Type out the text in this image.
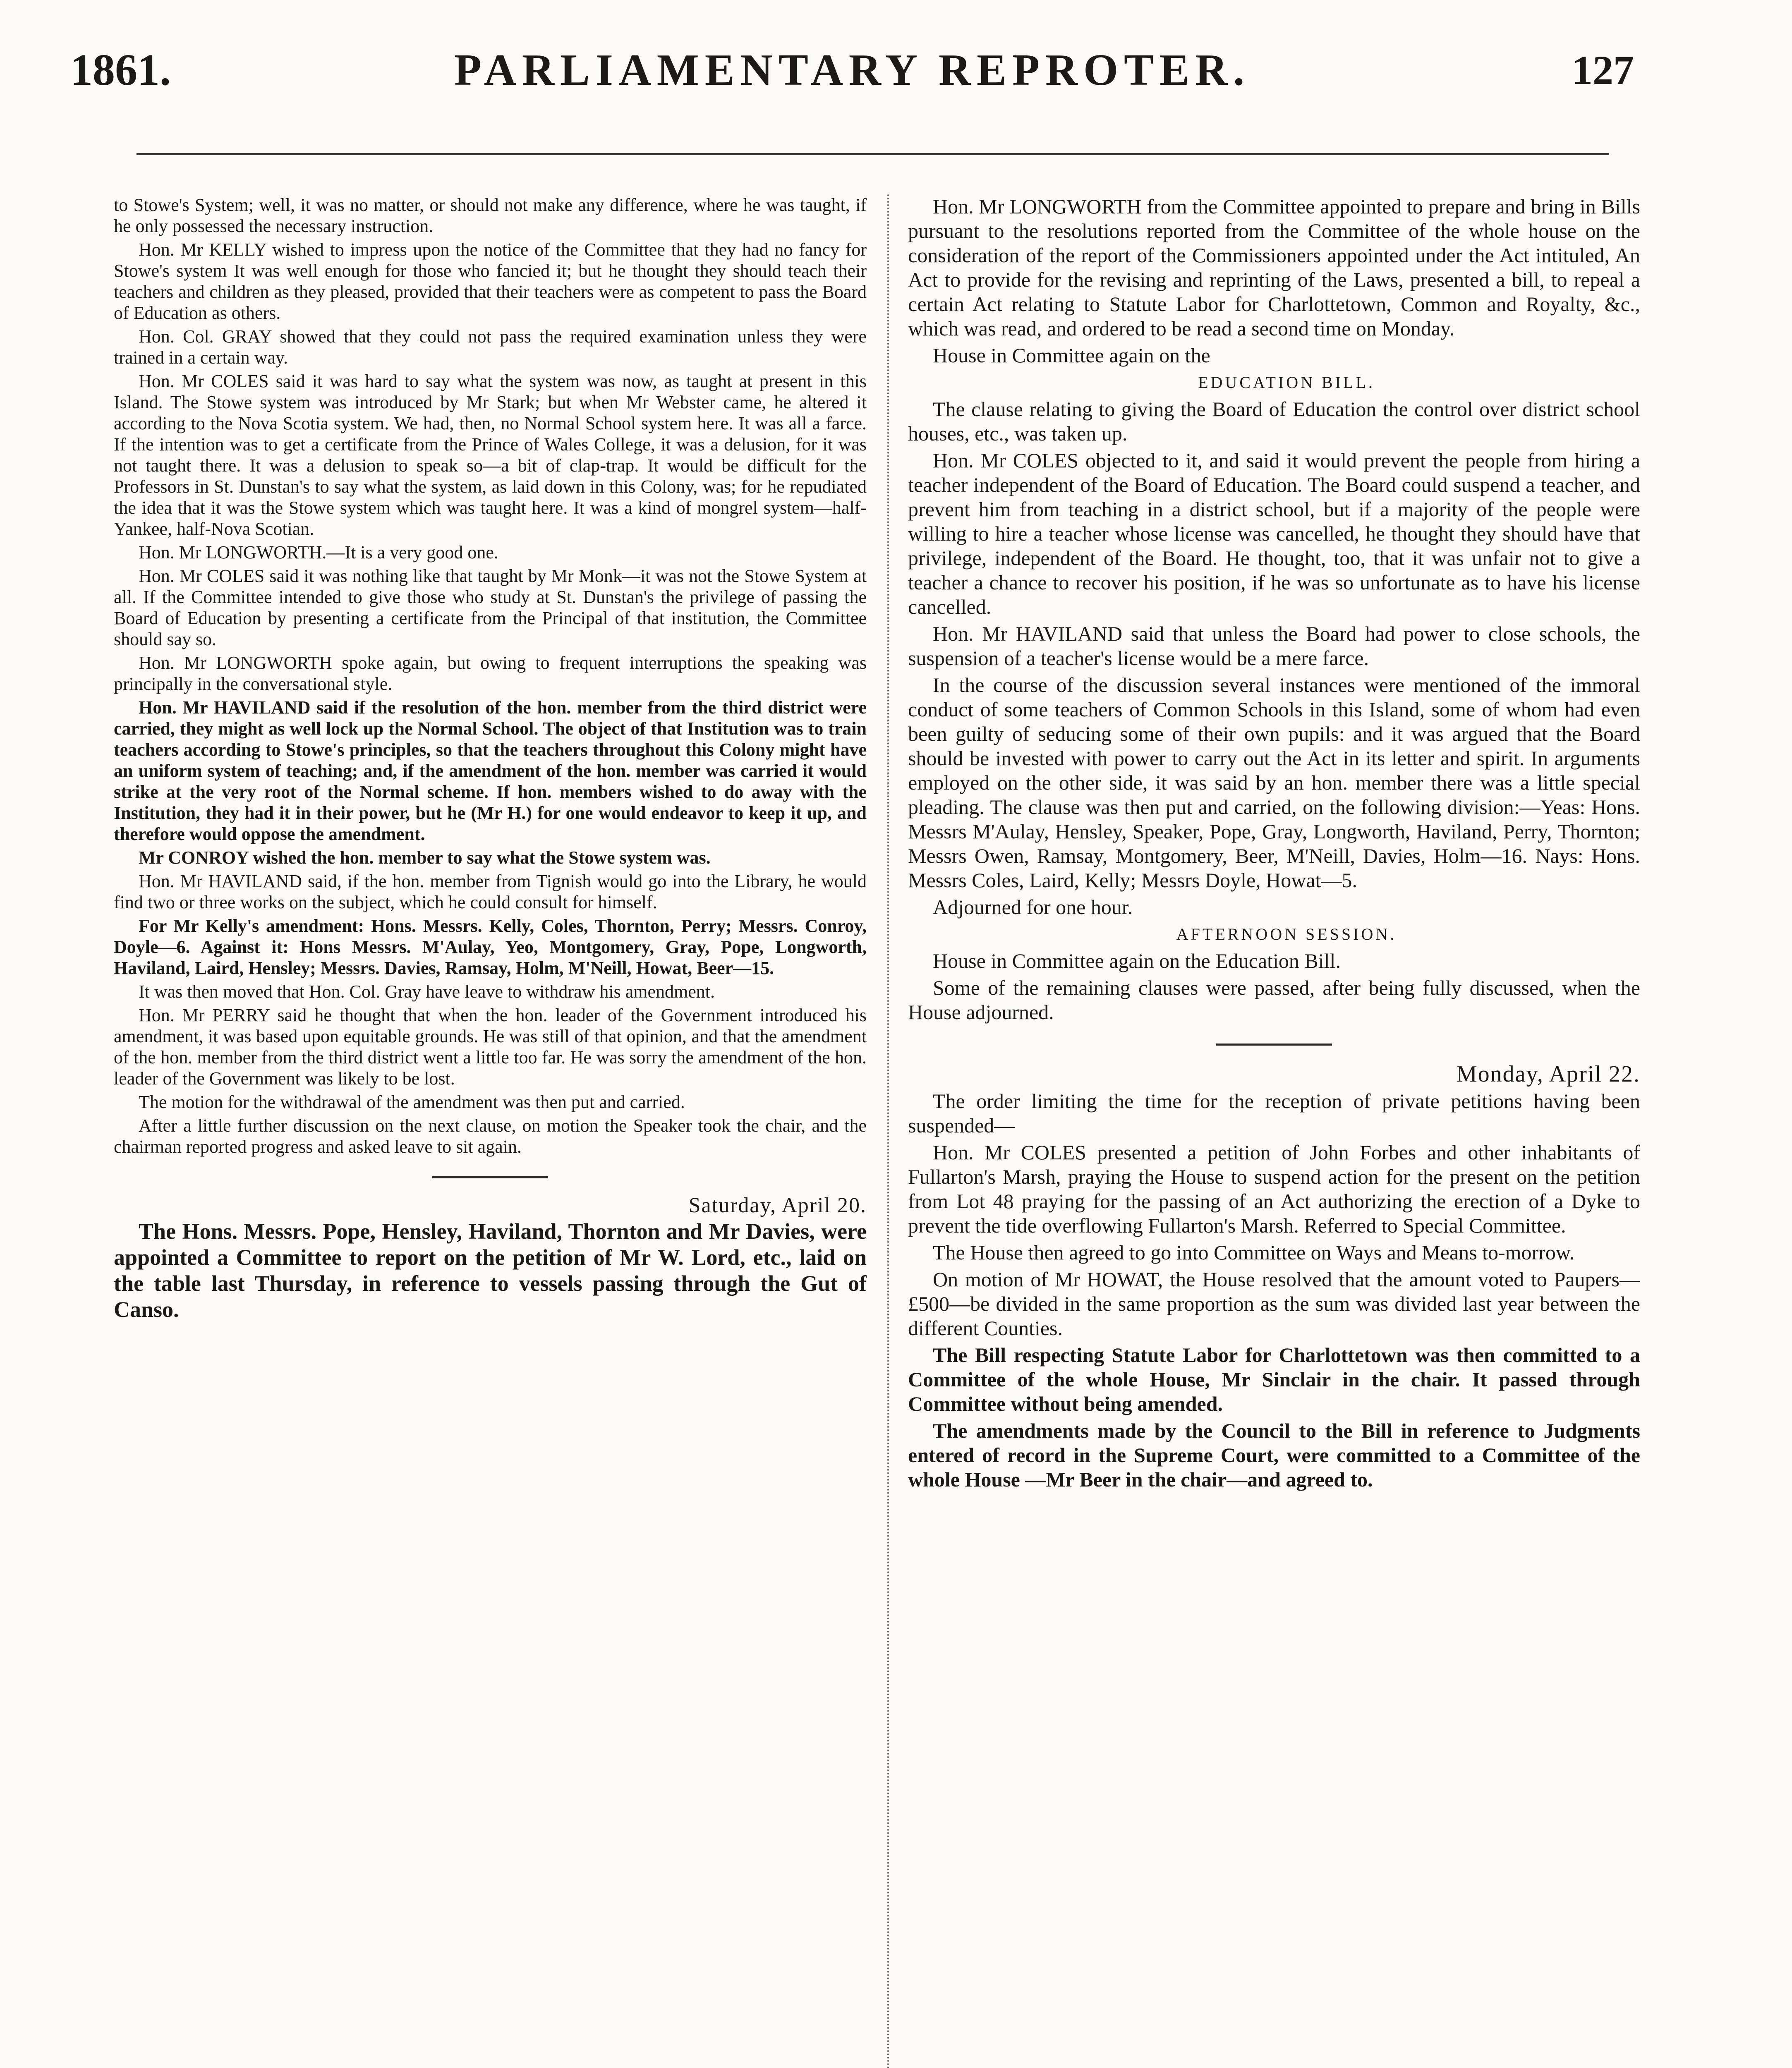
1861.	PARLIAMENTARY REPROTER.	127

to Stowe's System; well, it was no matter, or should not make any difference, where he was taught, if he only possessed the necessary instruction.

Hon. Mr KELLY wished to impress upon the notice of the Committee that they had no fancy for Stowe's system It was well enough for those who fancied it; but he thought they should teach their teachers and children as they pleased, provided that their teachers were as competent to pass the Board of Education as others.

Hon. Col. GRAY showed that they could not pass the required examination unless they were trained in a certain way.

Hon. Mr COLES said it was hard to say what the system was now, as taught at present in this Island. The Stowe system was introduced by Mr Stark; but when Mr Webster came, he altered it according to the Nova Scotia system. We had, then, no Normal School system here. It was all a farce. If the intention was to get a certificate from the Prince of Wales College, it was a delusion, for it was not taught there. It was a delusion to speak so—a bit of clap-trap. It would be difficult for the Professors in St. Dunstan's to say what the system, as laid down in this Colony, was; for he repudiated the idea that it was the Stowe system which was taught here. It was a kind of mongrel system—half-Yankee, half-Nova Scotian.

Hon. Mr LONGWORTH.—It is a very good one.

Hon. Mr COLES said it was nothing like that taught by Mr Monk—it was not the Stowe System at all. If the Committee intended to give those who study at St. Dunstan's the privilege of passing the Board of Education by presenting a certificate from the Principal of that institution, the Committee should say so.

Hon. Mr LONGWORTH spoke again, but owing to frequent interruptions the speaking was principally in the conversational style.

Hon. Mr HAVILAND said if the resolution of the hon. member from the third district were carried, they might as well lock up the Normal School. The object of that Institution was to train teachers according to Stowe's principles, so that the teachers throughout this Colony might have an uniform system of teaching; and, if the amendment of the hon. member was carried it would strike at the very root of the Normal scheme. If hon. members wished to do away with the Institution, they had it in their power, but he (Mr H.) for one would endeavor to keep it up, and therefore would oppose the amendment.

Mr CONROY wished the hon. member to say what the Stowe system was.

Hon. Mr HAVILAND said, if the hon. member from Tignish would go into the Library, he would find two or three works on the subject, which he could consult for himself.

For Mr Kelly's amendment: Hons. Messrs. Kelly, Coles, Thornton, Perry; Messrs. Conroy, Doyle—6. Against it: Hons Messrs. M'Aulay, Yeo, Montgomery, Gray, Pope, Longworth, Haviland, Laird, Hensley; Messrs. Davies, Ramsay, Holm, M'Neill, Howat, Beer—15.

It was then moved that Hon. Col. Gray have leave to withdraw his amendment.

Hon. Mr PERRY said he thought that when the hon. leader of the Government introduced his amendment, it was based upon equitable grounds. He was still of that opinion, and that the amendment of the hon. member from the third district went a little too far. He was sorry the amendment of the hon. leader of the Government was likely to be lost.

The motion for the withdrawal of the amendment was then put and carried.

After a little further discussion on the next clause, on motion the Speaker took the chair, and the chairman reported progress and asked leave to sit again.

Saturday, April 20.

The Hons. Messrs. Pope, Hensley, Haviland, Thornton and Mr Davies, were appointed a Committee to report on the petition of Mr W. Lord, etc., laid on the table last Thursday, in reference to vessels passing through the Gut of Canso.

Hon. Mr LONGWORTH from the Committee appointed to prepare and bring in Bills pursuant to the resolutions reported from the Committee of the whole house on the consideration of the report of the Commissioners appointed under the Act intituled, An Act to provide for the revising and reprinting of the Laws, presented a bill, to repeal a certain Act relating to Statute Labor for Charlottetown, Common and Royalty, &c., which was read, and ordered to be read a second time on Monday.

House in Committee again on the

EDUCATION BILL.

The clause relating to giving the Board of Education the control over district school houses, etc., was taken up.

Hon. Mr COLES objected to it, and said it would prevent the people from hiring a teacher independent of the Board of Education. The Board could suspend a teacher, and prevent him from teaching in a district school, but if a majority of the people were willing to hire a teacher whose license was cancelled, he thought they should have that privilege, independent of the Board. He thought, too, that it was unfair not to give a teacher a chance to recover his position, if he was so unfortunate as to have his license cancelled.

Hon. Mr HAVILAND said that unless the Board had power to close schools, the suspension of a teacher's license would be a mere farce.

In the course of the discussion several instances were mentioned of the immoral conduct of some teachers of Common Schools in this Island, some of whom had even been guilty of seducing some of their own pupils: and it was argued that the Board should be invested with power to carry out the Act in its letter and spirit. In arguments employed on the other side, it was said by an hon. member there was a little special pleading. The clause was then put and carried, on the following division:—Yeas: Hons. Messrs M'Aulay, Hensley, Speaker, Pope, Gray, Longworth, Haviland, Perry, Thornton; Messrs Owen, Ramsay, Montgomery, Beer, M'Neill, Davies, Holm—16. Nays: Hons. Messrs Coles, Laird, Kelly; Messrs Doyle, Howat—5.

Adjourned for one hour.

AFTERNOON SESSION.

House in Committee again on the Education Bill.

Some of the remaining clauses were passed, after being fully discussed, when the House adjourned.

Monday, April 22.

The order limiting the time for the reception of private petitions having been suspended—

Hon. Mr COLES presented a petition of John Forbes and other inhabitants of Fullarton's Marsh, praying the House to suspend action for the present on the petition from Lot 48 praying for the passing of an Act authorizing the erection of a Dyke to prevent the tide overflowing Fullarton's Marsh. Referred to Special Committee.

The House then agreed to go into Committee on Ways and Means to-morrow.

On motion of Mr HOWAT, the House resolved that the amount voted to Paupers—£500—be divided in the same proportion as the sum was divided last year between the different Counties.

The Bill respecting Statute Labor for Charlottetown was then committed to a Committee of the whole House, Mr Sinclair in the chair. It passed through Committee without being amended.

The amendments made by the Council to the Bill in reference to Judgments entered of record in the Supreme Court, were committed to a Committee of the whole House —Mr Beer in the chair—and agreed to.
